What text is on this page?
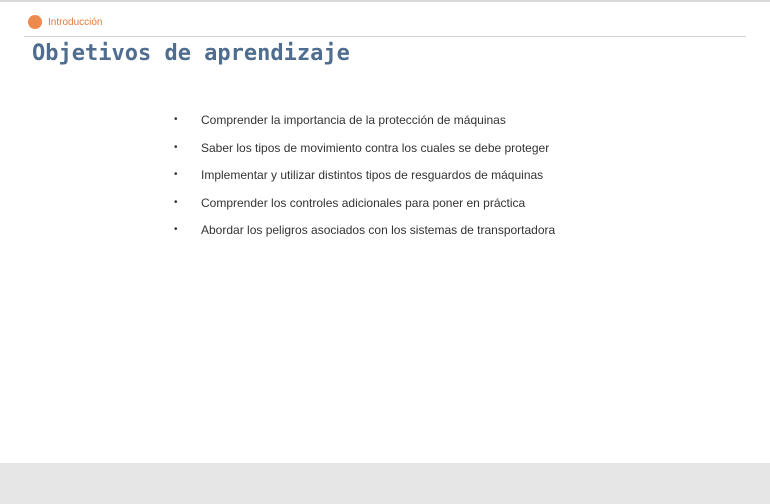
Introducción
Objetivos de aprendizaje
•	Comprender la importancia de la protección de máquinas
•	Saber los tipos de movimiento contra los cuales se debe proteger
•	Implementar y utilizar distintos tipos de resguardos de máquinas
•	Comprender los controles adicionales para poner en práctica
•	Abordar los peligros asociados con los sistemas de transportadora
